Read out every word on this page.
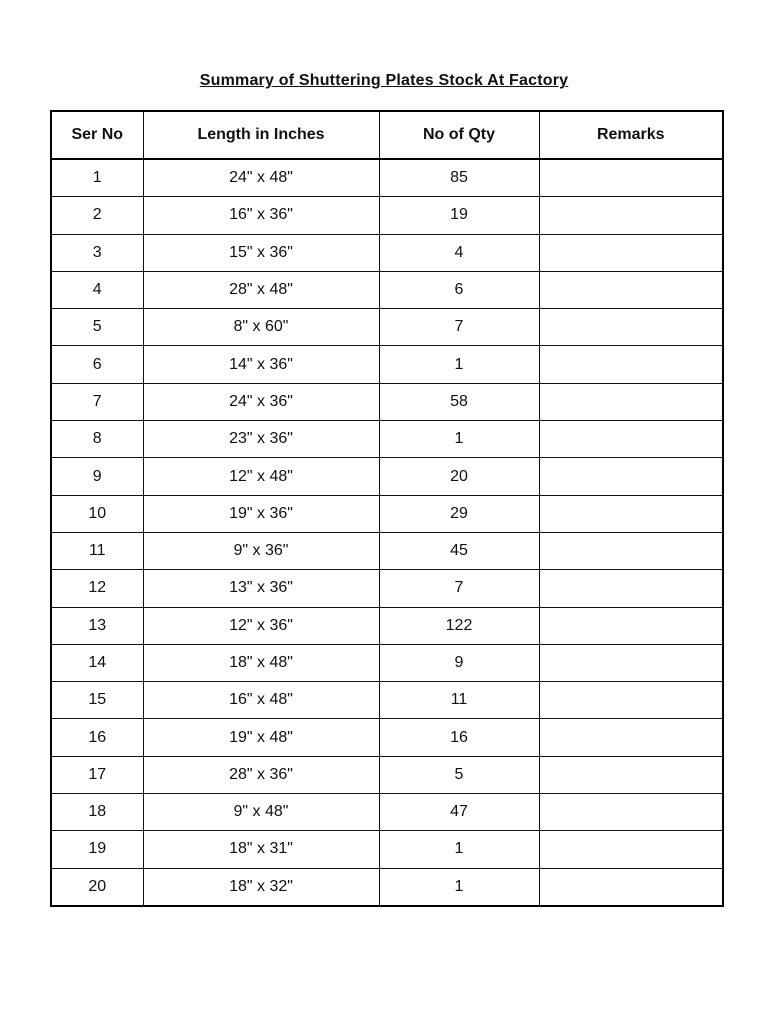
Summary of Shuttering Plates Stock At Factory
Ser No	Length in Inches	No of Qty	Remarks
1	24" x 48"	85	
2	16" x 36"	19	
3	15" x 36"	4	
4	28" x 48"	6	
5	8" x 60"	7	
6	14" x 36"	1	
7	24" x 36"	58	
8	23" x 36"	1	
9	12" x 48"	20	
10	19" x 36"	29	
11	9" x 36"	45	
12	13" x 36"	7	
13	12" x 36"	122	
14	18" x 48"	9	
15	16" x 48"	11	
16	19" x 48"	16	
17	28" x 36"	5	
18	9" x 48"	47	
19	18" x 31"	1	
20	18" x 32"	1	
